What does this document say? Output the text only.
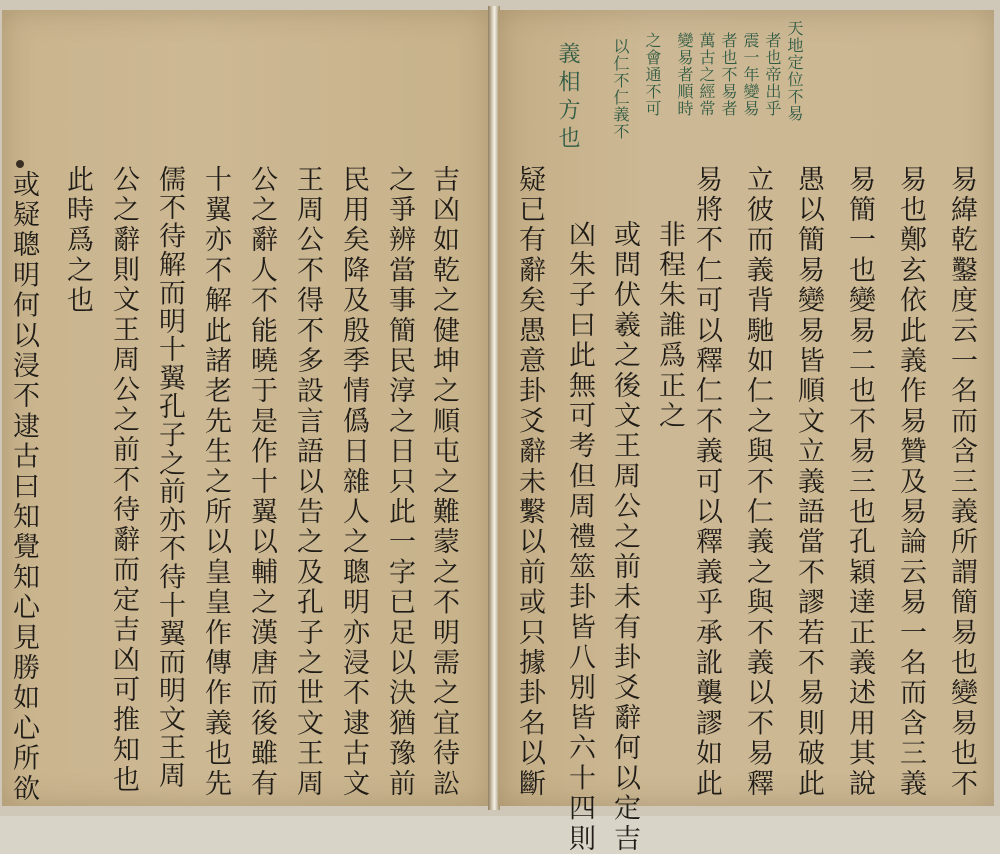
吉凶如乾之健坤之順屯之難蒙之不明需之宜待訟
之爭辨當事簡民淳之日只此一字已足以決猶豫前
民用矣降及殷季情僞日雜人之聰明亦浸不逮古文
王周公不得不多設言語以告之及孔子之世文王周
公之辭人不能曉于是作十翼以輔之漢唐而後雖有
十翼亦不解此諸老先生之所以皇皇作傳作義也先
儒不待解而明十翼孔子之前亦不待十翼而明文王周
公之辭則文王周公之前不待辭而定吉凶可推知也
此時爲之也
或疑聰明何以浸不逮古曰知覺知心見勝如心所欲
天地定位不易
者也帝出乎
震一年變易
者也不易者
萬古之經常
變易者順時
之會通不可
以仁不仁義不
義相方也
易緯乾鑿度云一名而含三義所謂簡易也變易也不
易也鄭玄依此義作易贊及易論云易一名而含三義
易簡一也變易二也不易三也孔穎達正義述用其說
愚以簡易變易皆順文立義語當不謬若不易則破此
立彼而義背馳如仁之與不仁義之與不義以不易釋
易將不仁可以釋仁不義可以釋義乎承訛襲謬如此
非程朱誰爲正之
或問伏羲之後文王周公之前未有卦爻辭何以定吉
凶朱子曰此無可考但周禮筮卦皆八別皆六十四則
疑已有辭矣愚意卦爻辭未繫以前或只據卦名以斷
